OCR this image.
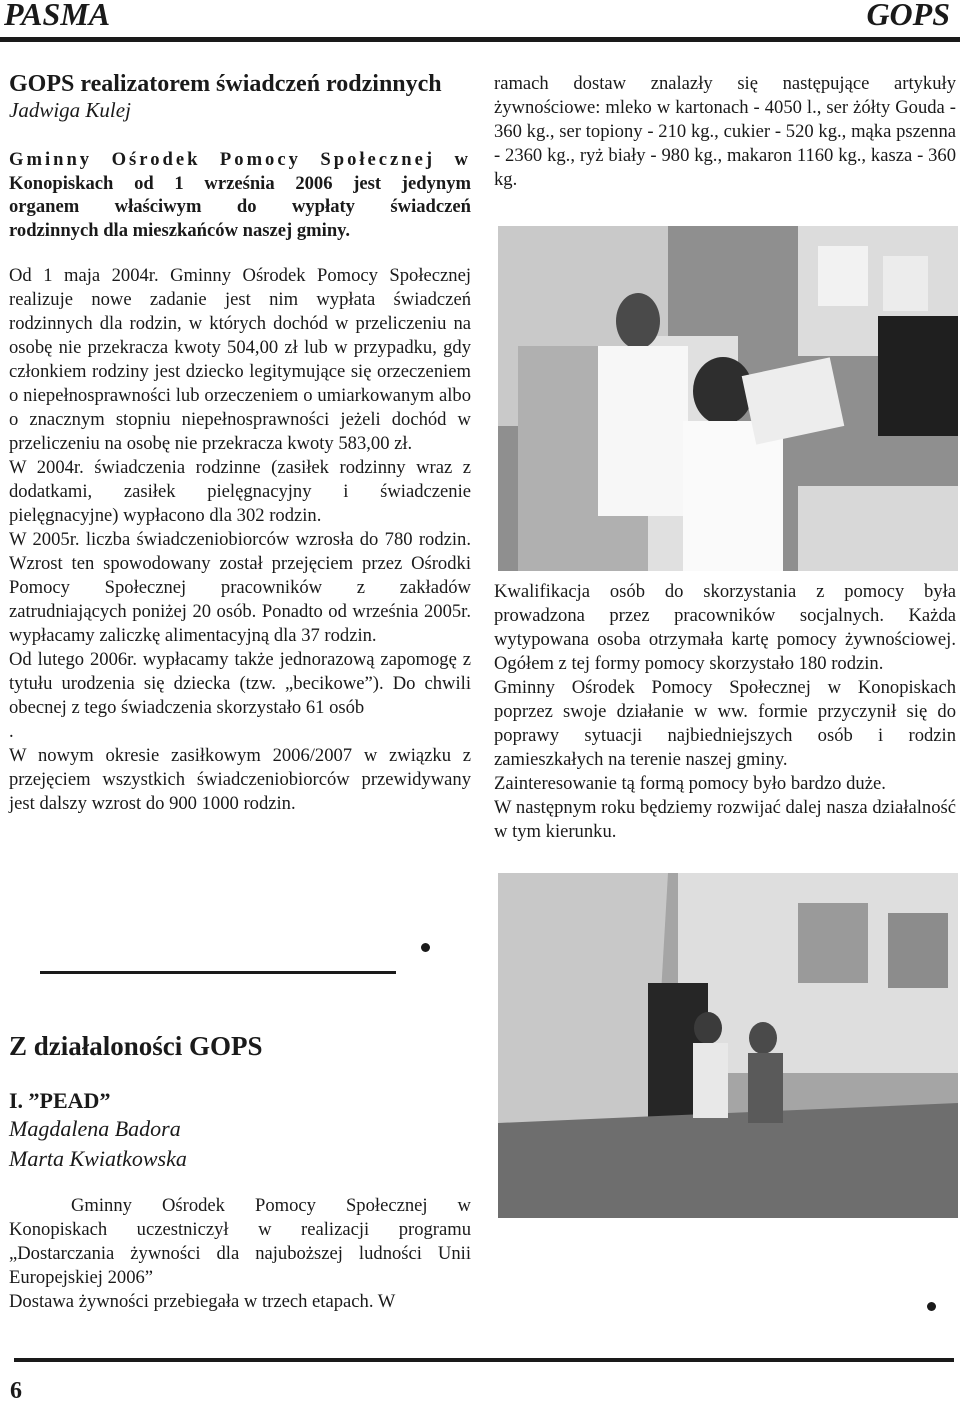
PASMA	GOPS
GOPS realizatorem świadczeń rodzinnych
Jadwiga Kulej
Gminny Ośrodek Pomocy Społecznej w
Konopiskach od 1 września 2006 jest jedynym
organem właściwym do wypłaty świadczeń
rodzinnych dla mieszkańców naszej gminy.

Od 1 maja 2004r. Gminny Ośrodek Pomocy Społecznej realizuje nowe zadanie jest nim wypłata świadczeń rodzinnych dla rodzin, w których dochód w przeliczeniu na osobę nie przekracza kwoty 504,00 zł lub w przypadku, gdy członkiem rodziny jest dziecko legitymujące się orzeczeniem o niepełnosprawności lub orzeczeniem o umiarkowanym albo o znacznym stopniu niepełnosprawności jeżeli dochód w przeliczeniu na osobę nie przekracza kwoty 583,00 zł.

W 2004r. świadczenia rodzinne (zasiłek rodzinny wraz z dodatkami, zasiłek pielęgnacyjny i świadczenie pielęgnacyjne) wypłacono dla 302 rodzin.

W 2005r. liczba świadczeniobiorców wzrosła do 780 rodzin. Wzrost ten spowodowany został przejęciem przez Ośrodki Pomocy Społecznej pracowników z zakładów zatrudniających poniżej 20 osób. Ponadto od września 2005r. wypłacamy zaliczkę alimentacyjną dla 37 rodzin.

Od lutego 2006r. wypłacamy także jednorazową zapomogę z tytułu urodzenia się dziecka (tzw. „becikowe”). Do chwili obecnej z tego świadczenia skorzystało 61 osób

.

W nowym okresie zasiłkowym 2006/2007 w związku z przejęciem wszystkich świadczeniobiorców przewidywany jest dalszy wzrost do 900 1000 rodzin.

Z działaloności GOPS
I. ”PEAD”
Magdalena Badora
Marta Kwiatkowska

Gminny Ośrodek Pomocy Społecznej w Konopiskach uczestniczył w realizacji programu „Dostarczania żywności dla najuboższej ludności Unii Europejskiej 2006”

Dostawa żywności przebiegała w trzech etapach. W

ramach dostaw znalazły się następujące artykuły żywnościowe: mleko w kartonach - 4050 l., ser żółty Gouda - 360 kg., ser topiony - 210 kg., cukier - 520 kg., mąka pszenna - 2360 kg., ryż biały - 980 kg., makaron 1160 kg., kasza - 360 kg.

Kwalifikacja osób do skorzystania z pomocy była prowadzona przez pracowników socjalnych. Każda wytypowana osoba otrzymała kartę pomocy żywnościowej. Ogółem z tej formy pomocy skorzystało 180 rodzin.

Gminny Ośrodek Pomocy Społecznej w Konopiskach poprzez swoje działanie w ww. formie przyczynił się do poprawy sytuacji najbiedniejszych osób i rodzin zamieszkałych na terenie naszej gminy.

Zainteresowanie tą formą pomocy było bardzo duże.

W następnym roku będziemy rozwijać dalej nasza działalność w tym kierunku.

6
